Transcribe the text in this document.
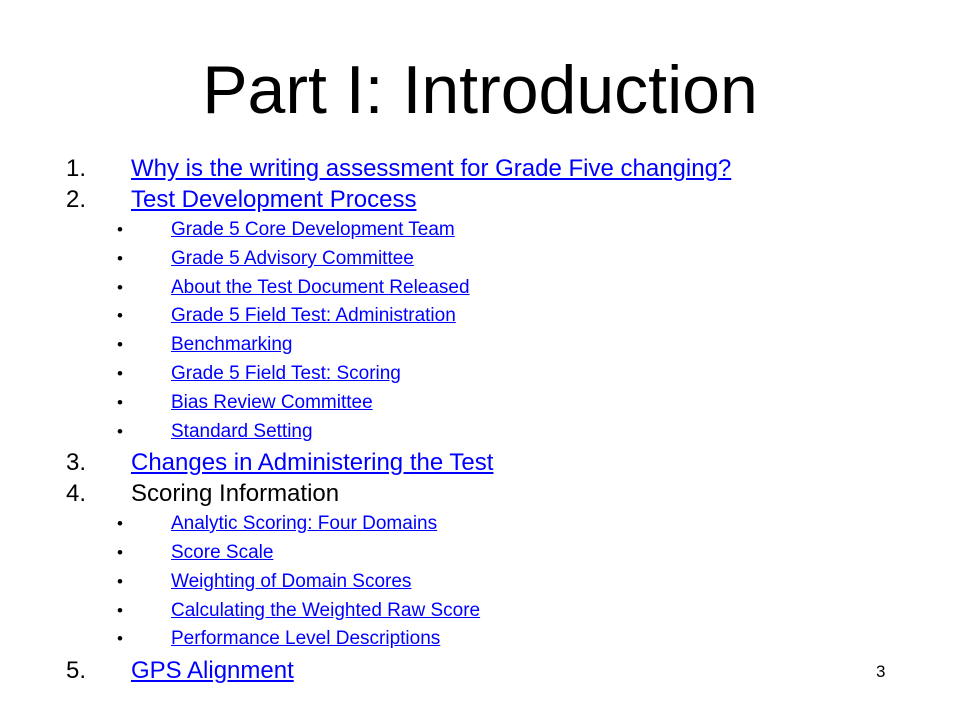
Part I: Introduction
1. Why is the writing assessment for Grade Five changing?
2. Test Development Process
•	Grade 5 Core Development Team
•	Grade 5 Advisory Committee
•	About the Test Document Released
•	Grade 5 Field Test: Administration
•	Benchmarking
•	Grade 5 Field Test: Scoring
•	Bias Review Committee
•	Standard Setting
3. Changes in Administering the Test
4. Scoring Information
•	Analytic Scoring: Four Domains
•	Score Scale
•	Weighting of Domain Scores
•	Calculating the Weighted Raw Score
•	Performance Level Descriptions
5. GPS Alignment	3
